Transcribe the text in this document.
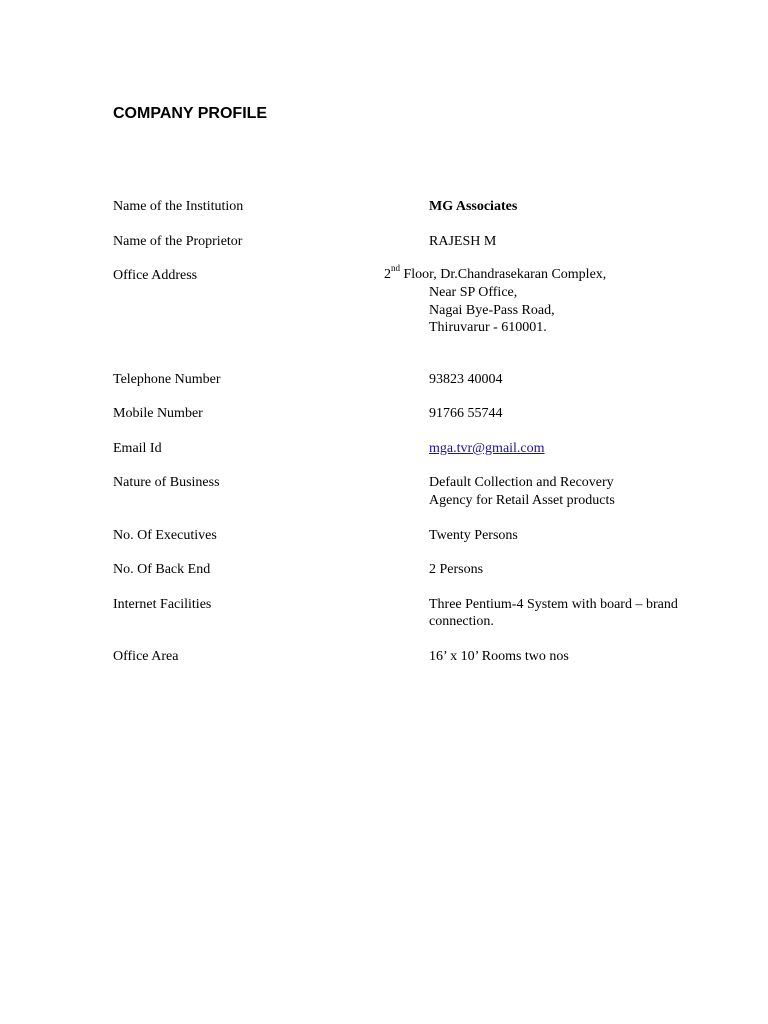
COMPANY PROFILE
Name of the Institution	MG Associates
Name of the Proprietor	RAJESH M
Office Address	2nd Floor, Dr.Chandrasekaran Complex,
Near SP Office,
Nagai Bye-Pass Road,
Thiruvarur - 610001.
Telephone Number	93823 40004
Mobile Number	91766 55744
Email Id	mga.tvr@gmail.com
Nature of Business	Default Collection and Recovery
Agency for Retail Asset products
No. Of Executives	Twenty Persons
No. Of Back End	2 Persons
Internet Facilities	Three Pentium-4 System with board – brand
connection.
Office Area	16’ x 10’ Rooms two nos
